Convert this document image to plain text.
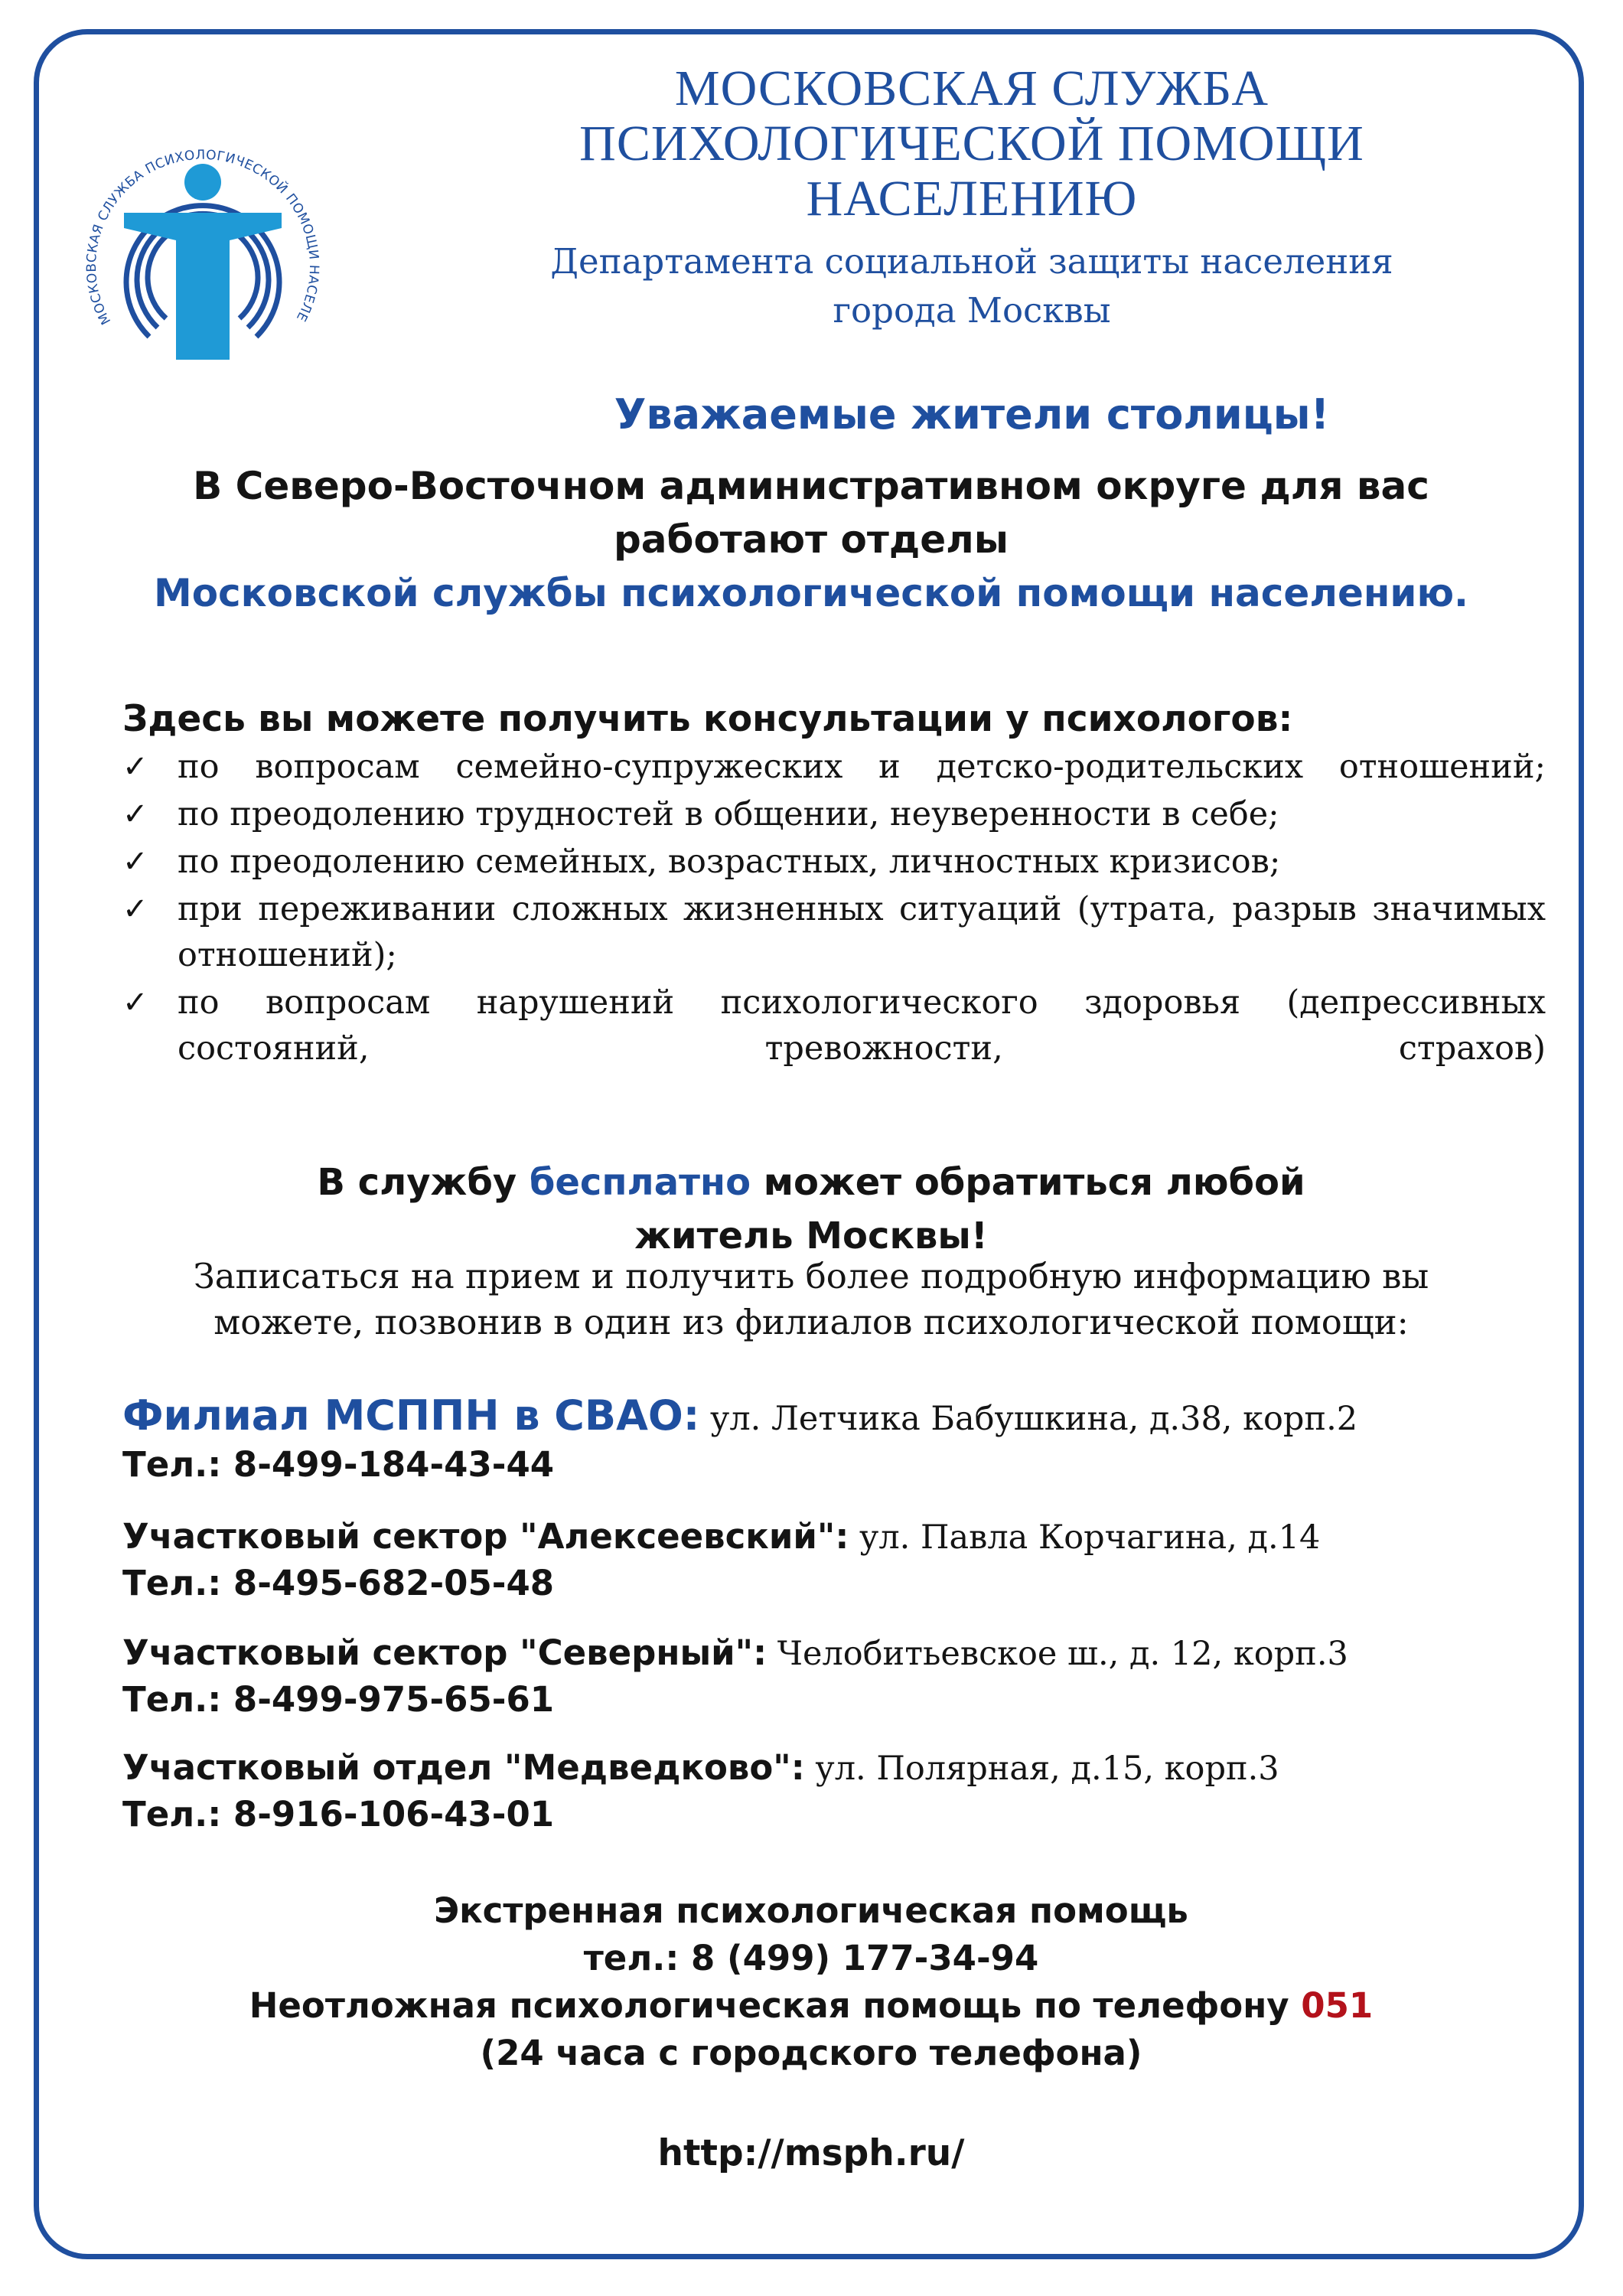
МОСКОВСКАЯ СЛУЖБА ПСИХОЛОГИЧЕСКОЙ ПОМОЩИ НАСЕЛЕ
МОСКОВСКАЯ СЛУЖБА
ПСИХОЛОГИЧЕСКОЙ ПОМОЩИ
НАСЕЛЕНИЮ
Департамента социальной защиты населения
города Москвы
Уважаемые жители столицы!
В Северо-Восточном административном округе для вас
работают отделы
Московской службы психологической помощи населению.
Здесь вы можете получить консультации у психологов:
✓ по вопросам семейно-супружеских и детско-родительских отношений;
✓ по преодолению трудностей в общении, неуверенности в себе;
✓ по преодолению семейных, возрастных, личностных кризисов;
✓ при переживании сложных жизненных ситуаций (утрата, разрыв значимых отношений);
✓ по вопросам нарушений психологического здоровья (депрессивных состояний, тревожности, страхов)
В службу бесплатно может обратиться любой
житель Москвы!
Записаться на прием и получить более подробную информацию вы
можете, позвонив в один из филиалов психологической помощи:
Филиал МСППН в СВАО: ул. Летчика Бабушкина, д.38, корп.2
Тел.: 8-499-184-43-44
Участковый сектор "Алексеевский": ул. Павла Корчагина, д.14
Тел.: 8-495-682-05-48
Участковый сектор "Северный": Челобитьевское ш., д. 12, корп.3
Тел.: 8-499-975-65-61
Участковый отдел "Медведково": ул. Полярная, д.15, корп.3
Тел.: 8-916-106-43-01
Экстренная психологическая помощь
тел.: 8 (499) 177-34-94
Неотложная психологическая помощь по телефону 051
(24 часа с городского телефона)
http://msph.ru/
